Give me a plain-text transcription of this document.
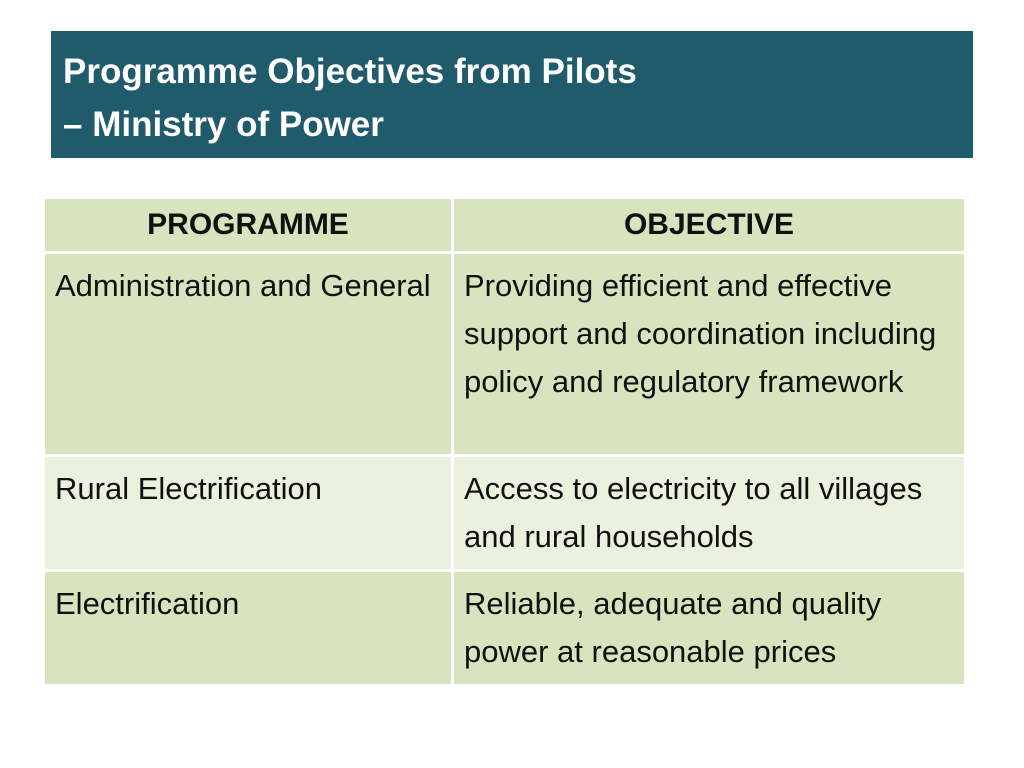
Programme Objectives from Pilots
– Ministry of Power
PROGRAMME	OBJECTIVE
Administration and General	Providing efficient and effective support and coordination including policy and regulatory framework
Rural Electrification	Access to electricity to all villages and rural households
Electrification	Reliable, adequate and quality power at reasonable prices
